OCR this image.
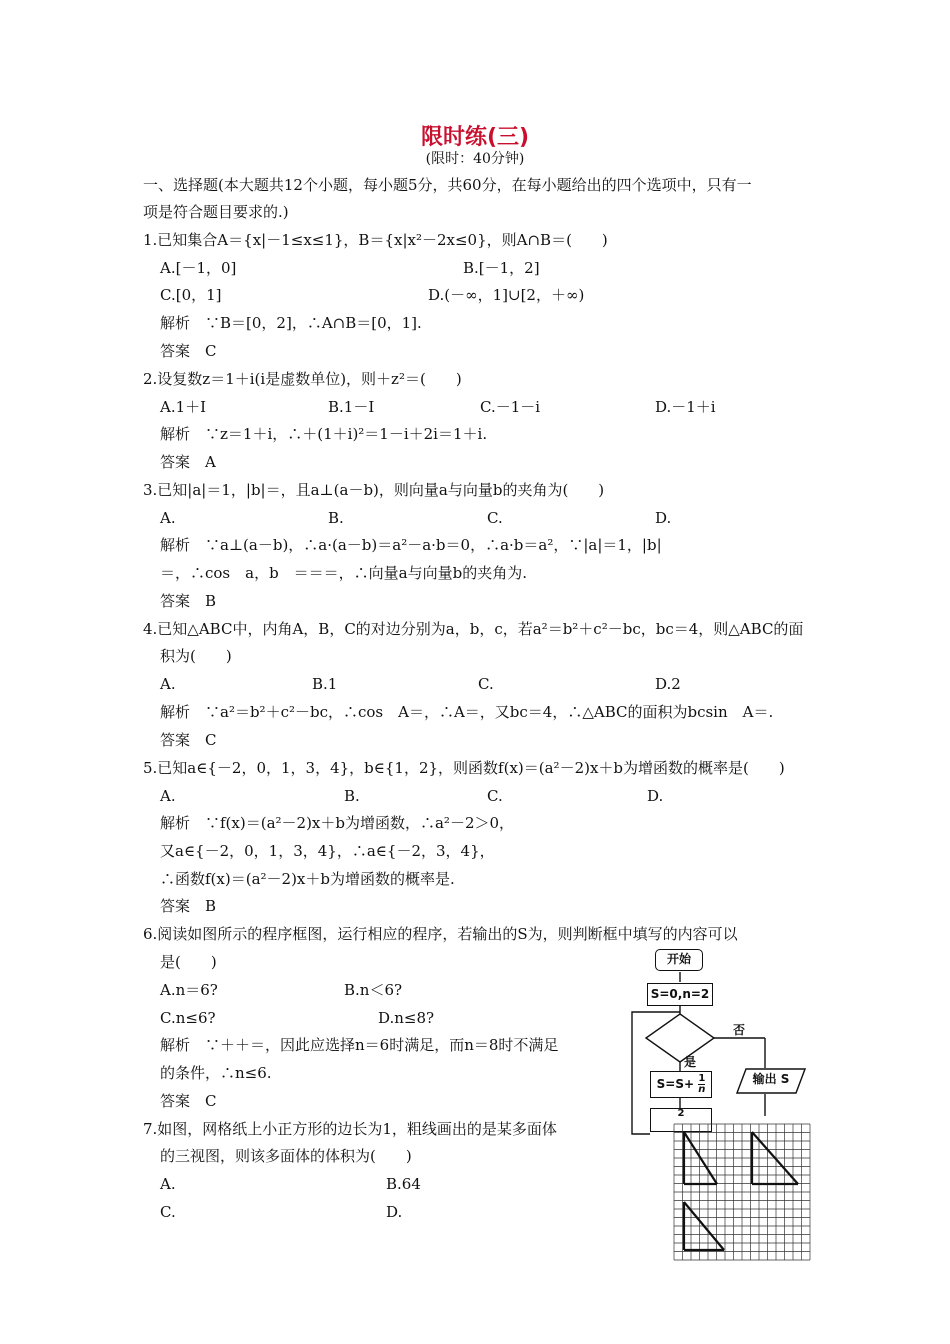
限时练(三)
(限时：40分钟)
一、选择题(本大题共12个小题，每小题5分，共60分，在每小题给出的四个选项中，只有一
项是符合题目要求的.)
1.已知集合A＝{x|－1≤x≤1}，B＝{x|x²－2x≤0}，则A∩B＝(　　)
A.[－1，0]	B.[－1，2]
C.[0，1]	D.(－∞，1]∪[2，＋∞)
解析　∵B＝[0，2]，∴A∩B＝[0，1].
答案　C
2.设复数z＝1＋i(i是虚数单位)，则＋z²＝(　　)
A.1＋I	B.1－I	C.－1－i	D.－1＋i
解析　∵z＝1＋i，∴＋(1＋i)²＝1－i＋2i＝1＋i.
答案　A
3.已知|a|＝1，|b|＝，且a⊥(a－b)，则向量a与向量b的夹角为(　　)
A.	B.	C.	D.
解析　∵a⊥(a－b)，∴a·(a－b)＝a²－a·b＝0，∴a·b＝a²，∵|a|＝1，|b|
＝，∴cos　a，b　＝＝＝，∴向量a与向量b的夹角为.
答案　B
4.已知△ABC中，内角A，B，C的对边分别为a，b，c，若a²＝b²＋c²－bc，bc＝4，则△ABC的面
积为(　　)
A.	B.1	C.	D.2
解析　∵a²＝b²＋c²－bc，∴cos　A＝，∴A＝，又bc＝4，∴△ABC的面积为bcsin　A＝.
答案　C
5.已知a∈{－2，0，1，3，4}，b∈{1，2}，则函数f(x)＝(a²－2)x＋b为增函数的概率是(　　)
A.	B.	C.	D.
解析　∵f(x)＝(a²－2)x＋b为增函数，∴a²－2＞0，
又a∈{－2，0，1，3，4}，∴a∈{－2，3，4}，
∴函数f(x)＝(a²－2)x＋b为增函数的概率是.
答案　B
6.阅读如图所示的程序框图，运行相应的程序，若输出的S为，则判断框中填写的内容可以
是(　　)
A.n＝6?	B.n＜6?
C.n≤6?	D.n≤8?
解析　∵＋＋＝，因此应选择n＝6时满足，而n＝8时不满足
的条件，∴n≤6.
答案　C
7.如图，网格纸上小正方形的边长为1，粗线画出的是某多面体
的三视图，则该多面体的体积为(　　)
A.	B.64
C.	D.
开始
S=0,n=2
否
是
$S=S+ \frac{1}{n}$	输出 S
2
